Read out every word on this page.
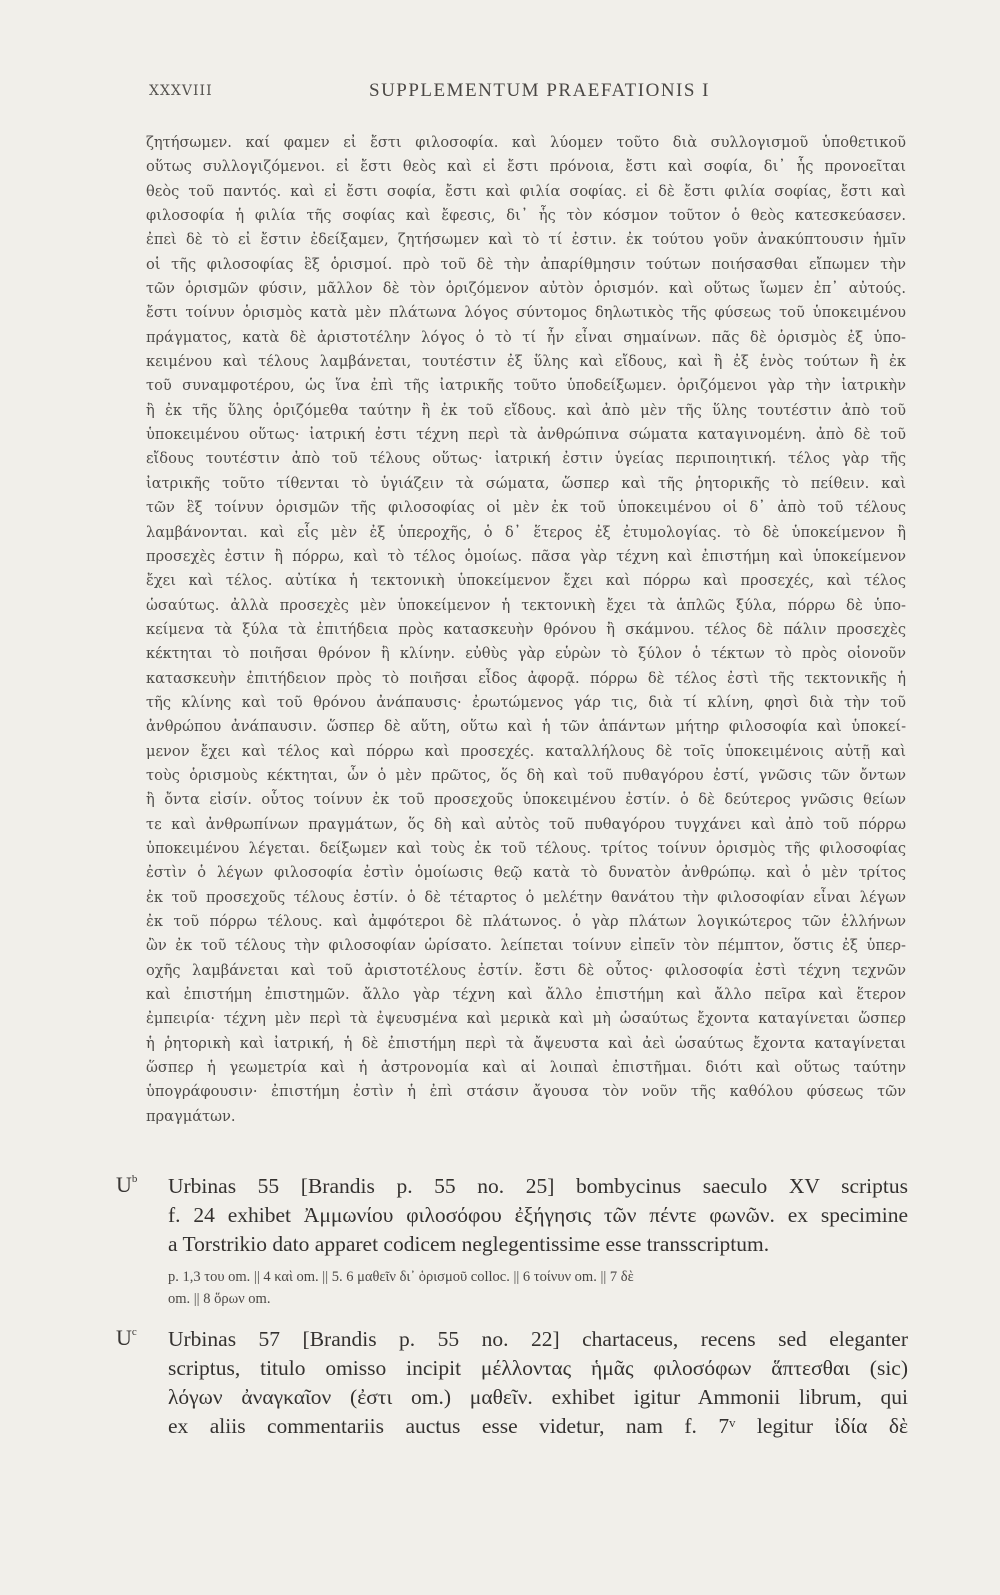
XXXVIII	SUPPLEMENTUM PRAEFATIONIS I
ζητήσωμεν. καί φαμεν εἰ ἔστι φιλοσοφία. καὶ λύομεν τοῦτο διὰ συλλογισμοῦ ὑποθετικοῦ
οὕτως συλλογιζόμενοι. εἰ ἔστι θεὸς καὶ εἰ ἔστι πρόνοια, ἔστι καὶ σοφία, δι᾽ ἧς προνοεῖται
θεὸς τοῦ παντός. καὶ εἰ ἔστι σοφία, ἔστι καὶ φιλία σοφίας. εἰ δὲ ἔστι φιλία σοφίας, ἔστι καὶ
φιλοσοφία ἡ φιλία τῆς σοφίας καὶ ἔφεσις, δι᾽ ἧς τὸν κόσμον τοῦτον ὁ θεὸς κατεσκεύασεν.
ἐπεὶ δὲ τὸ εἰ ἔστιν ἐδείξαμεν, ζητήσωμεν καὶ τὸ τί ἐστιν. ἐκ τούτου γοῦν ἀνακύπτουσιν ἡμῖν
οἱ τῆς φιλοσοφίας ἓξ ὁρισμοί. πρὸ τοῦ δὲ τὴν ἀπαρίθμησιν τούτων ποιήσασθαι εἴπωμεν τὴν
τῶν ὁρισμῶν φύσιν, μᾶλλον δὲ τὸν ὁριζόμενον αὐτὸν ὁρισμόν. καὶ οὕτως ἴωμεν ἐπ᾽ αὐτούς.
ἔστι τοίνυν ὁρισμὸς κατὰ μὲν πλάτωνα λόγος σύντομος δηλωτικὸς τῆς φύσεως τοῦ ὑποκειμένου
πράγματος, κατὰ δὲ ἀριστοτέλην λόγος ὁ τὸ τί ἦν εἶναι σημαίνων. πᾶς δὲ ὁρισμὸς ἐξ ὑπο-
κειμένου καὶ τέλους λαμβάνεται, τουτέστιν ἐξ ὕλης καὶ εἴδους, καὶ ἢ ἐξ ἑνὸς τούτων ἢ ἐκ
τοῦ συναμφοτέρου, ὡς ἵνα ἐπὶ τῆς ἰατρικῆς τοῦτο ὑποδείξωμεν. ὁριζόμενοι γὰρ τὴν ἰατρικὴν
ἢ ἐκ τῆς ὕλης ὁριζόμεθα ταύτην ἢ ἐκ τοῦ εἴδους. καὶ ἀπὸ μὲν τῆς ὕλης τουτέστιν ἀπὸ τοῦ
ὑποκειμένου οὕτως· ἰατρική ἐστι τέχνη περὶ τὰ ἀνθρώπινα σώματα καταγινομένη. ἀπὸ δὲ τοῦ
εἴδους τουτέστιν ἀπὸ τοῦ τέλους οὕτως· ἰατρική ἐστιν ὑγείας περιποιητική. τέλος γὰρ τῆς
ἰατρικῆς τοῦτο τίθενται τὸ ὑγιάζειν τὰ σώματα, ὥσπερ καὶ τῆς ῥητορικῆς τὸ πείθειν. καὶ
τῶν ἓξ τοίνυν ὁρισμῶν τῆς φιλοσοφίας οἱ μὲν ἐκ τοῦ ὑποκειμένου οἱ δ᾽ ἀπὸ τοῦ τέλους
λαμβάνονται. καὶ εἷς μὲν ἐξ ὑπεροχῆς, ὁ δ᾽ ἕτερος ἐξ ἐτυμολογίας. τὸ δὲ ὑποκείμενον ἢ
προσεχὲς ἐστιν ἢ πόρρω, καὶ τὸ τέλος ὁμοίως. πᾶσα γὰρ τέχνη καὶ ἐπιστήμη καὶ ὑποκείμενον
ἔχει καὶ τέλος. αὐτίκα ἡ τεκτονικὴ ὑποκείμενον ἔχει καὶ πόρρω καὶ προσεχές, καὶ τέλος
ὡσαύτως. ἀλλὰ προσεχὲς μὲν ὑποκείμενον ἡ τεκτονικὴ ἔχει τὰ ἁπλῶς ξύλα, πόρρω δὲ ὑπο-
κείμενα τὰ ξύλα τὰ ἐπιτήδεια πρὸς κατασκευὴν θρόνου ἢ σκάμνου. τέλος δὲ πάλιν προσεχὲς
κέκτηται τὸ ποιῆσαι θρόνον ἢ κλίνην. εὐθὺς γὰρ εὑρὼν τὸ ξύλον ὁ τέκτων τὸ πρὸς οἱονοῦν
κατασκευὴν ἐπιτήδειον πρὸς τὸ ποιῆσαι εἶδος ἀφορᾷ. πόρρω δὲ τέλος ἐστὶ τῆς τεκτονικῆς ἡ
τῆς κλίνης καὶ τοῦ θρόνου ἀνάπαυσις· ἐρωτώμενος γάρ τις, διὰ τί κλίνη, φησὶ διὰ τὴν τοῦ
ἀνθρώπου ἀνάπαυσιν. ὥσπερ δὲ αὕτη, οὕτω καὶ ἡ τῶν ἁπάντων μήτηρ φιλοσοφία καὶ ὑποκεί-
μενον ἔχει καὶ τέλος καὶ πόρρω καὶ προσεχές. καταλλήλους δὲ τοῖς ὑποκειμένοις αὐτῇ καὶ
τοὺς ὁρισμοὺς κέκτηται, ὧν ὁ μὲν πρῶτος, ὅς δὴ καὶ τοῦ πυθαγόρου ἐστί, γνῶσις τῶν ὄντων
ἢ ὄντα εἰσίν. οὗτος τοίνυν ἐκ τοῦ προσεχοῦς ὑποκειμένου ἐστίν. ὁ δὲ δεύτερος γνῶσις θείων
τε καὶ ἀνθρωπίνων πραγμάτων, ὅς δὴ καὶ αὐτὸς τοῦ πυθαγόρου τυγχάνει καὶ ἀπὸ τοῦ πόρρω
ὑποκειμένου λέγεται. δείξωμεν καὶ τοὺς ἐκ τοῦ τέλους. τρίτος τοίνυν ὁρισμὸς τῆς φιλοσοφίας
ἐστὶν ὁ λέγων φιλοσοφία ἐστὶν ὁμοίωσις θεῷ κατὰ τὸ δυνατὸν ἀνθρώπῳ. καὶ ὁ μὲν τρίτος
ἐκ τοῦ προσεχοῦς τέλους ἐστίν. ὁ δὲ τέταρτος ὁ μελέτην θανάτου τὴν φιλοσοφίαν εἶναι λέγων
ἐκ τοῦ πόρρω τέλους. καὶ ἀμφότεροι δὲ πλάτωνος. ὁ γὰρ πλάτων λογικώτερος τῶν ἑλλήνων
ὢν ἐκ τοῦ τέλους τὴν φιλοσοφίαν ὡρίσατο. λείπεται τοίνυν εἰπεῖν τὸν πέμπτον, ὅστις ἐξ ὑπερ-
οχῆς λαμβάνεται καὶ τοῦ ἀριστοτέλους ἐστίν. ἔστι δὲ οὗτος· φιλοσοφία ἐστὶ τέχνη τεχνῶν
καὶ ἐπιστήμη ἐπιστημῶν. ἄλλο γὰρ τέχνη καὶ ἄλλο ἐπιστήμη καὶ ἄλλο πεῖρα καὶ ἕτερον
ἐμπειρία· τέχνη μὲν περὶ τὰ ἐψευσμένα καὶ μερικὰ καὶ μὴ ὡσαύτως ἔχοντα καταγίνεται ὥσπερ
ἡ ῥητορικὴ καὶ ἰατρική, ἡ δὲ ἐπιστήμη περὶ τὰ ἄψευστα καὶ ἀεὶ ὡσαύτως ἔχοντα καταγίνεται
ὥσπερ ἡ γεωμετρία καὶ ἡ ἀστρονομία καὶ αἱ λοιπαὶ ἐπιστῆμαι. διότι καὶ οὕτως ταύτην
ὑπογράφουσιν· ἐπιστήμη ἐστὶν ἡ ἐπὶ στάσιν ἄγουσα τὸν νοῦν τῆς καθόλου φύσεως τῶν
πραγμάτων.
$U^b$ Urbinas 55 [Brandis p. 55 no. 25] bombycinus saeculo XV scriptus
f. 24 exhibet Ἀμμωνίου φιλοσόφου ἐξήγησις τῶν πέντε φωνῶν. ex specimine
a Torstrikio dato apparet codicem neglegentissime esse transscriptum.
p. 1,3 του om. || 4 καὶ om. || 5. 6 μαθεῖν δι᾽ ὁρισμοῦ colloc. || 6 τοίνυν om. || 7 δὲ
om. || 8 ὅρων om.
$U^c$ Urbinas 57 [Brandis p. 55 no. 22] chartaceus, recens sed eleganter
scriptus, titulo omisso incipit μέλλοντας ἡμᾶς φιλοσόφων ἅπτεσθαι (sic)
λόγων ἀναγκαῖον (ἐστι om.) μαθεῖν. exhibet igitur Ammonii librum, qui
ex aliis commentariis auctus esse videtur, nam f. 7ᵛ legitur ἰδία δὲ
